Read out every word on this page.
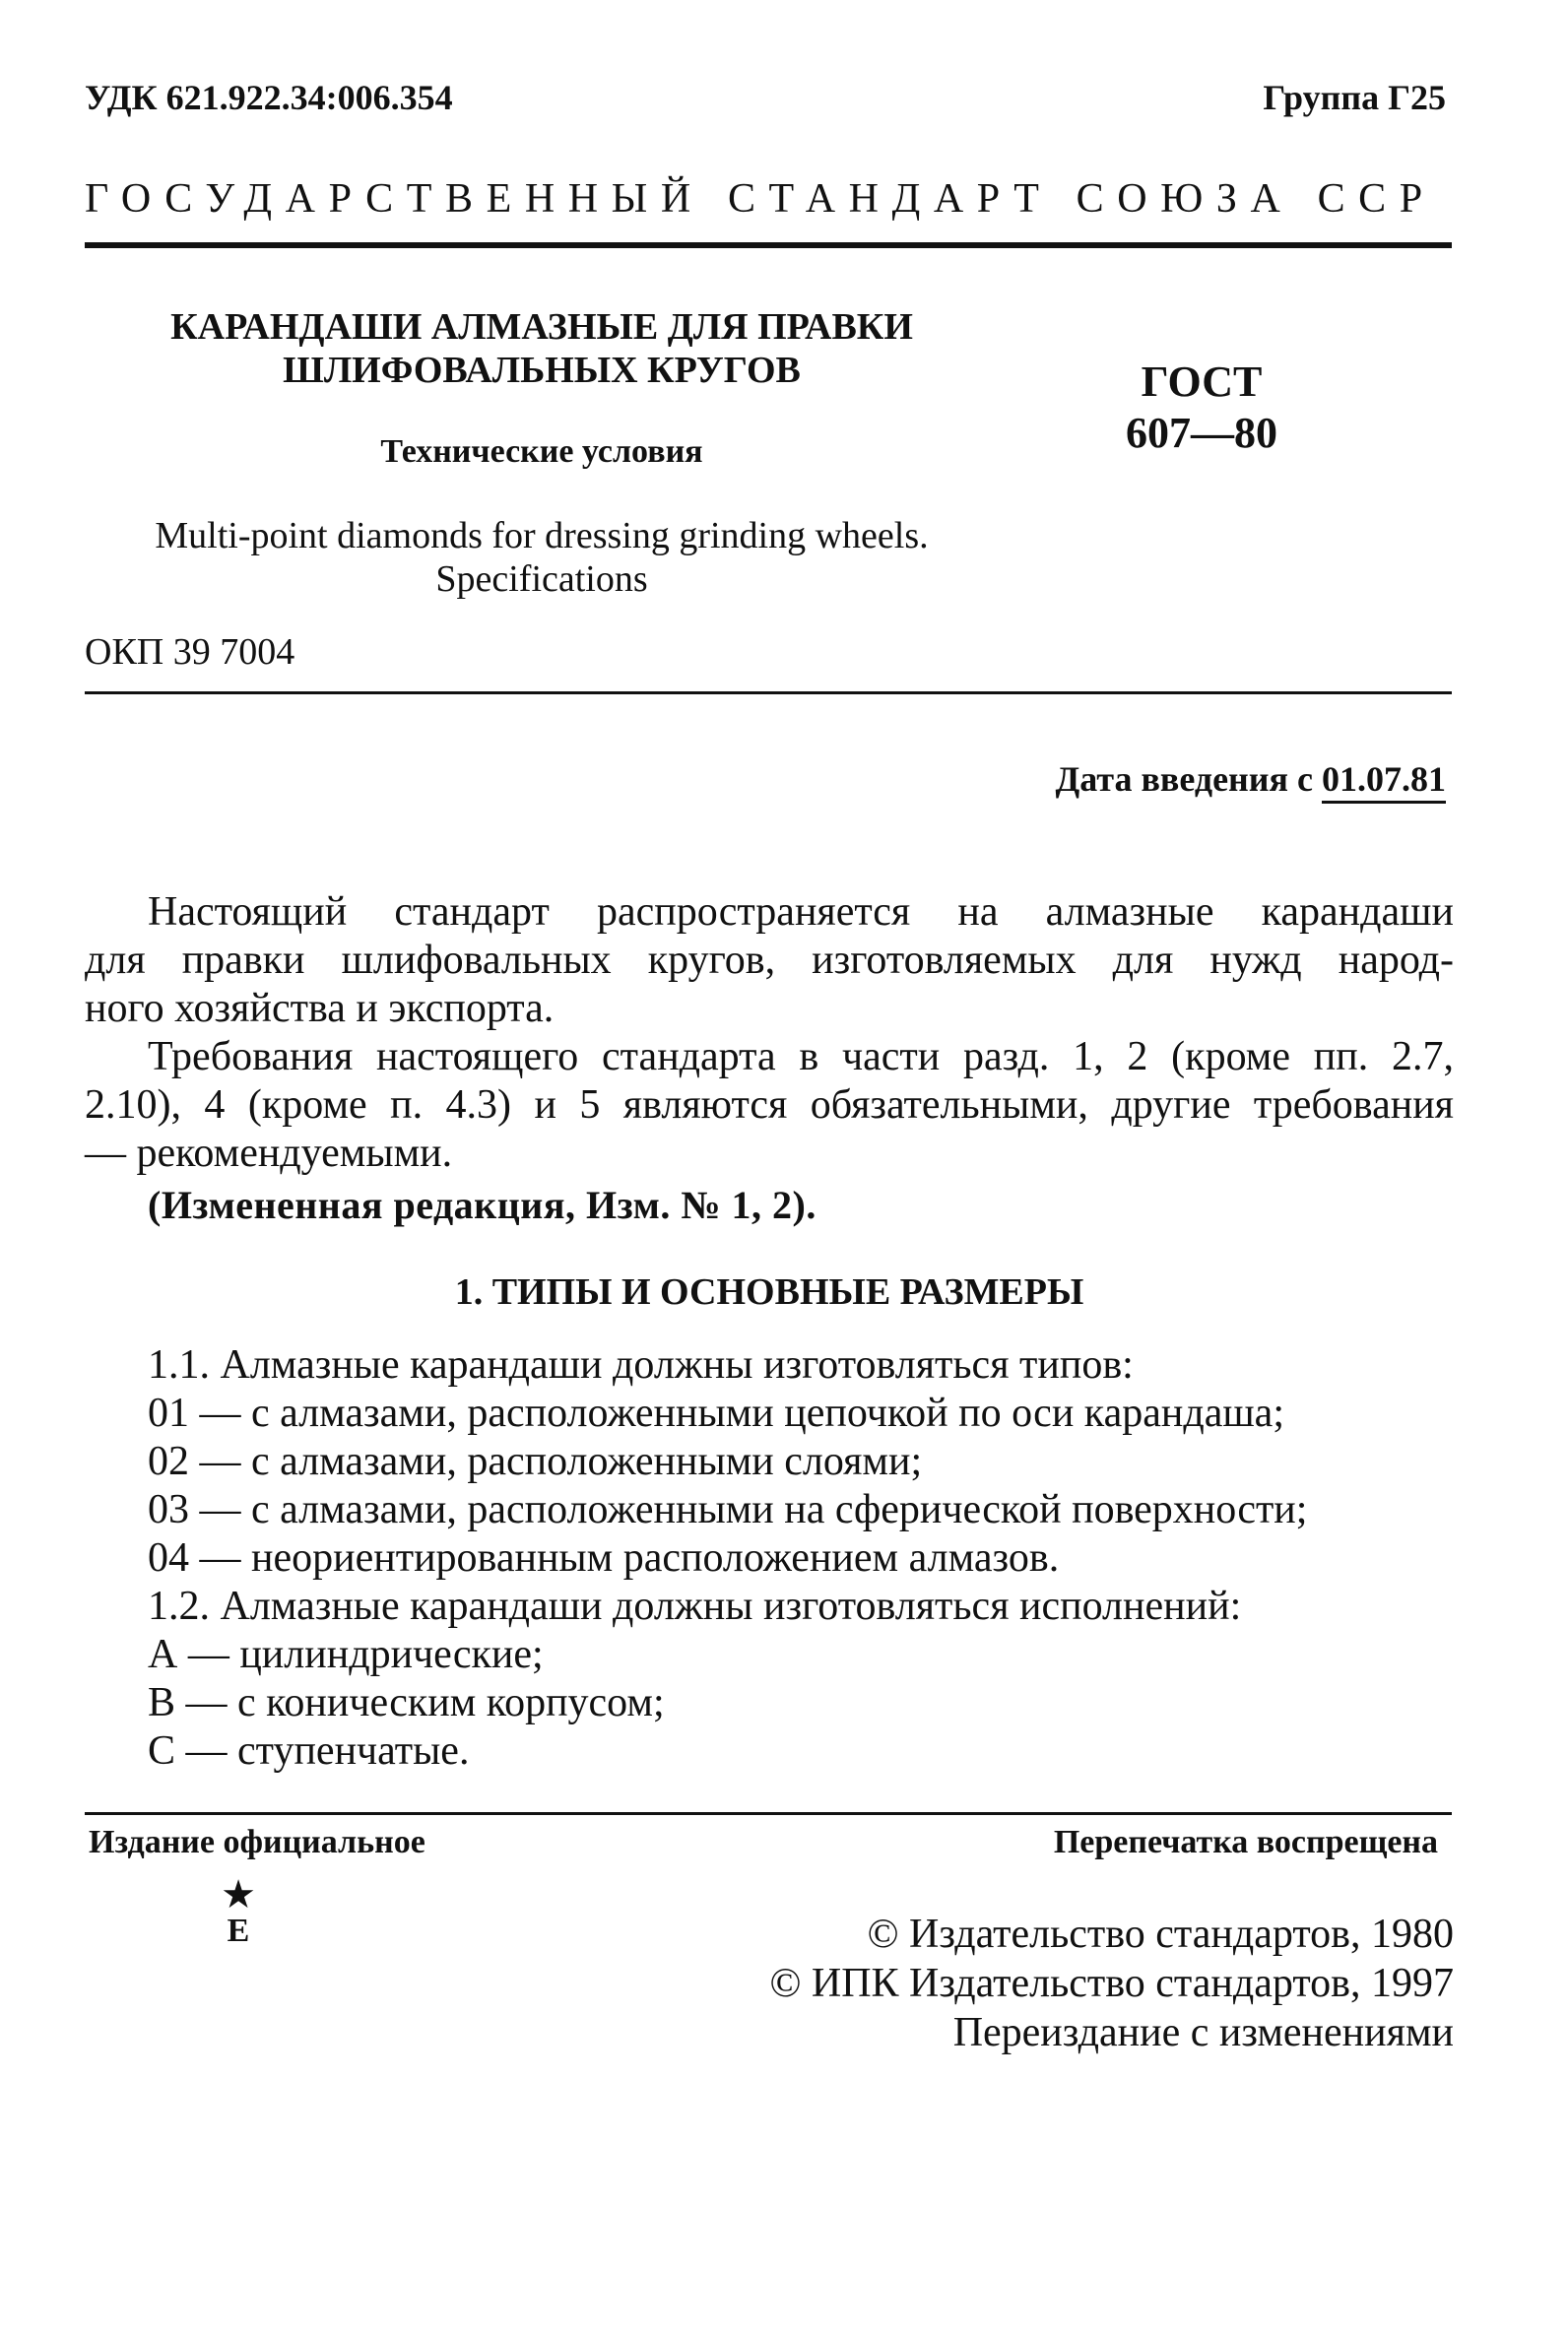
УДК 621.922.34:006.354	Группа Г25
ГОСУДАРСТВЕННЫЙ СТАНДАРТ СОЮЗА ССР
КАРАНДАШИ АЛМАЗНЫЕ ДЛЯ ПРАВКИ
ШЛИФОВАЛЬНЫХ КРУГОВ
Технические условия
ГОСТ
607—80
Multi-point diamonds for dressing grinding wheels.
Specifications
ОКП 39 7004
Дата введения с 01.07.81
Настоящий стандарт распространяется на алмазные карандаши
для правки шлифовальных кругов, изготовляемых для нужд народ-
ного хозяйства и экспорта.
Требования настоящего стандарта в части разд. 1, 2 (кроме пп. 2.7,
2.10), 4 (кроме п. 4.3) и 5 являются обязательными, другие требования
— рекомендуемыми.
(Измененная редакция, Изм. № 1, 2).
1. ТИПЫ И ОСНОВНЫЕ РАЗМЕРЫ
1.1. Алмазные карандаши должны изготовляться типов:
01 — с алмазами, расположенными цепочкой по оси карандаша;
02 — с алмазами, расположенными слоями;
03 — с алмазами, расположенными на сферической поверхности;
04 — неориентированным расположением алмазов.
1.2. Алмазные карандаши должны изготовляться исполнений:
А — цилиндрические;
В — с коническим корпусом;
С — ступенчатые.
Издание официальное	Перепечатка воспрещена
★
Е	© Издательство стандартов, 1980
© ИПК Издательство стандартов, 1997
Переиздание с изменениями
